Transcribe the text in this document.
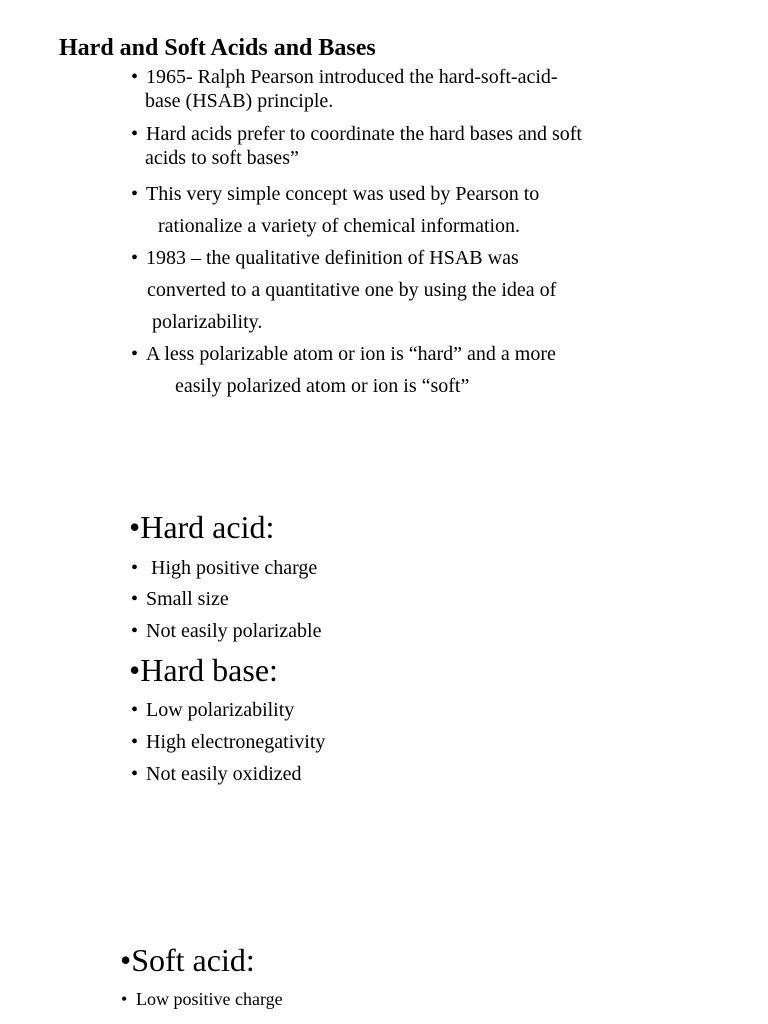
Hard and Soft Acids and Bases
• 1965- Ralph Pearson introduced the hard-soft-acid-
base (HSAB) principle.
• Hard acids prefer to coordinate the hard bases and soft
acids to soft bases”
• This very simple concept was used by Pearson to
rationalize a variety of chemical information.
• 1983 – the qualitative definition of HSAB was
converted to a quantitative one by using the idea of
polarizability.
• A less polarizable atom or ion is “hard” and a more
easily polarized atom or ion is “soft”
•Hard acid:
• High positive charge
• Small size
• Not easily polarizable
•Hard base:
• Low polarizability
• High electronegativity
• Not easily oxidized
•Soft acid:
• Low positive charge
